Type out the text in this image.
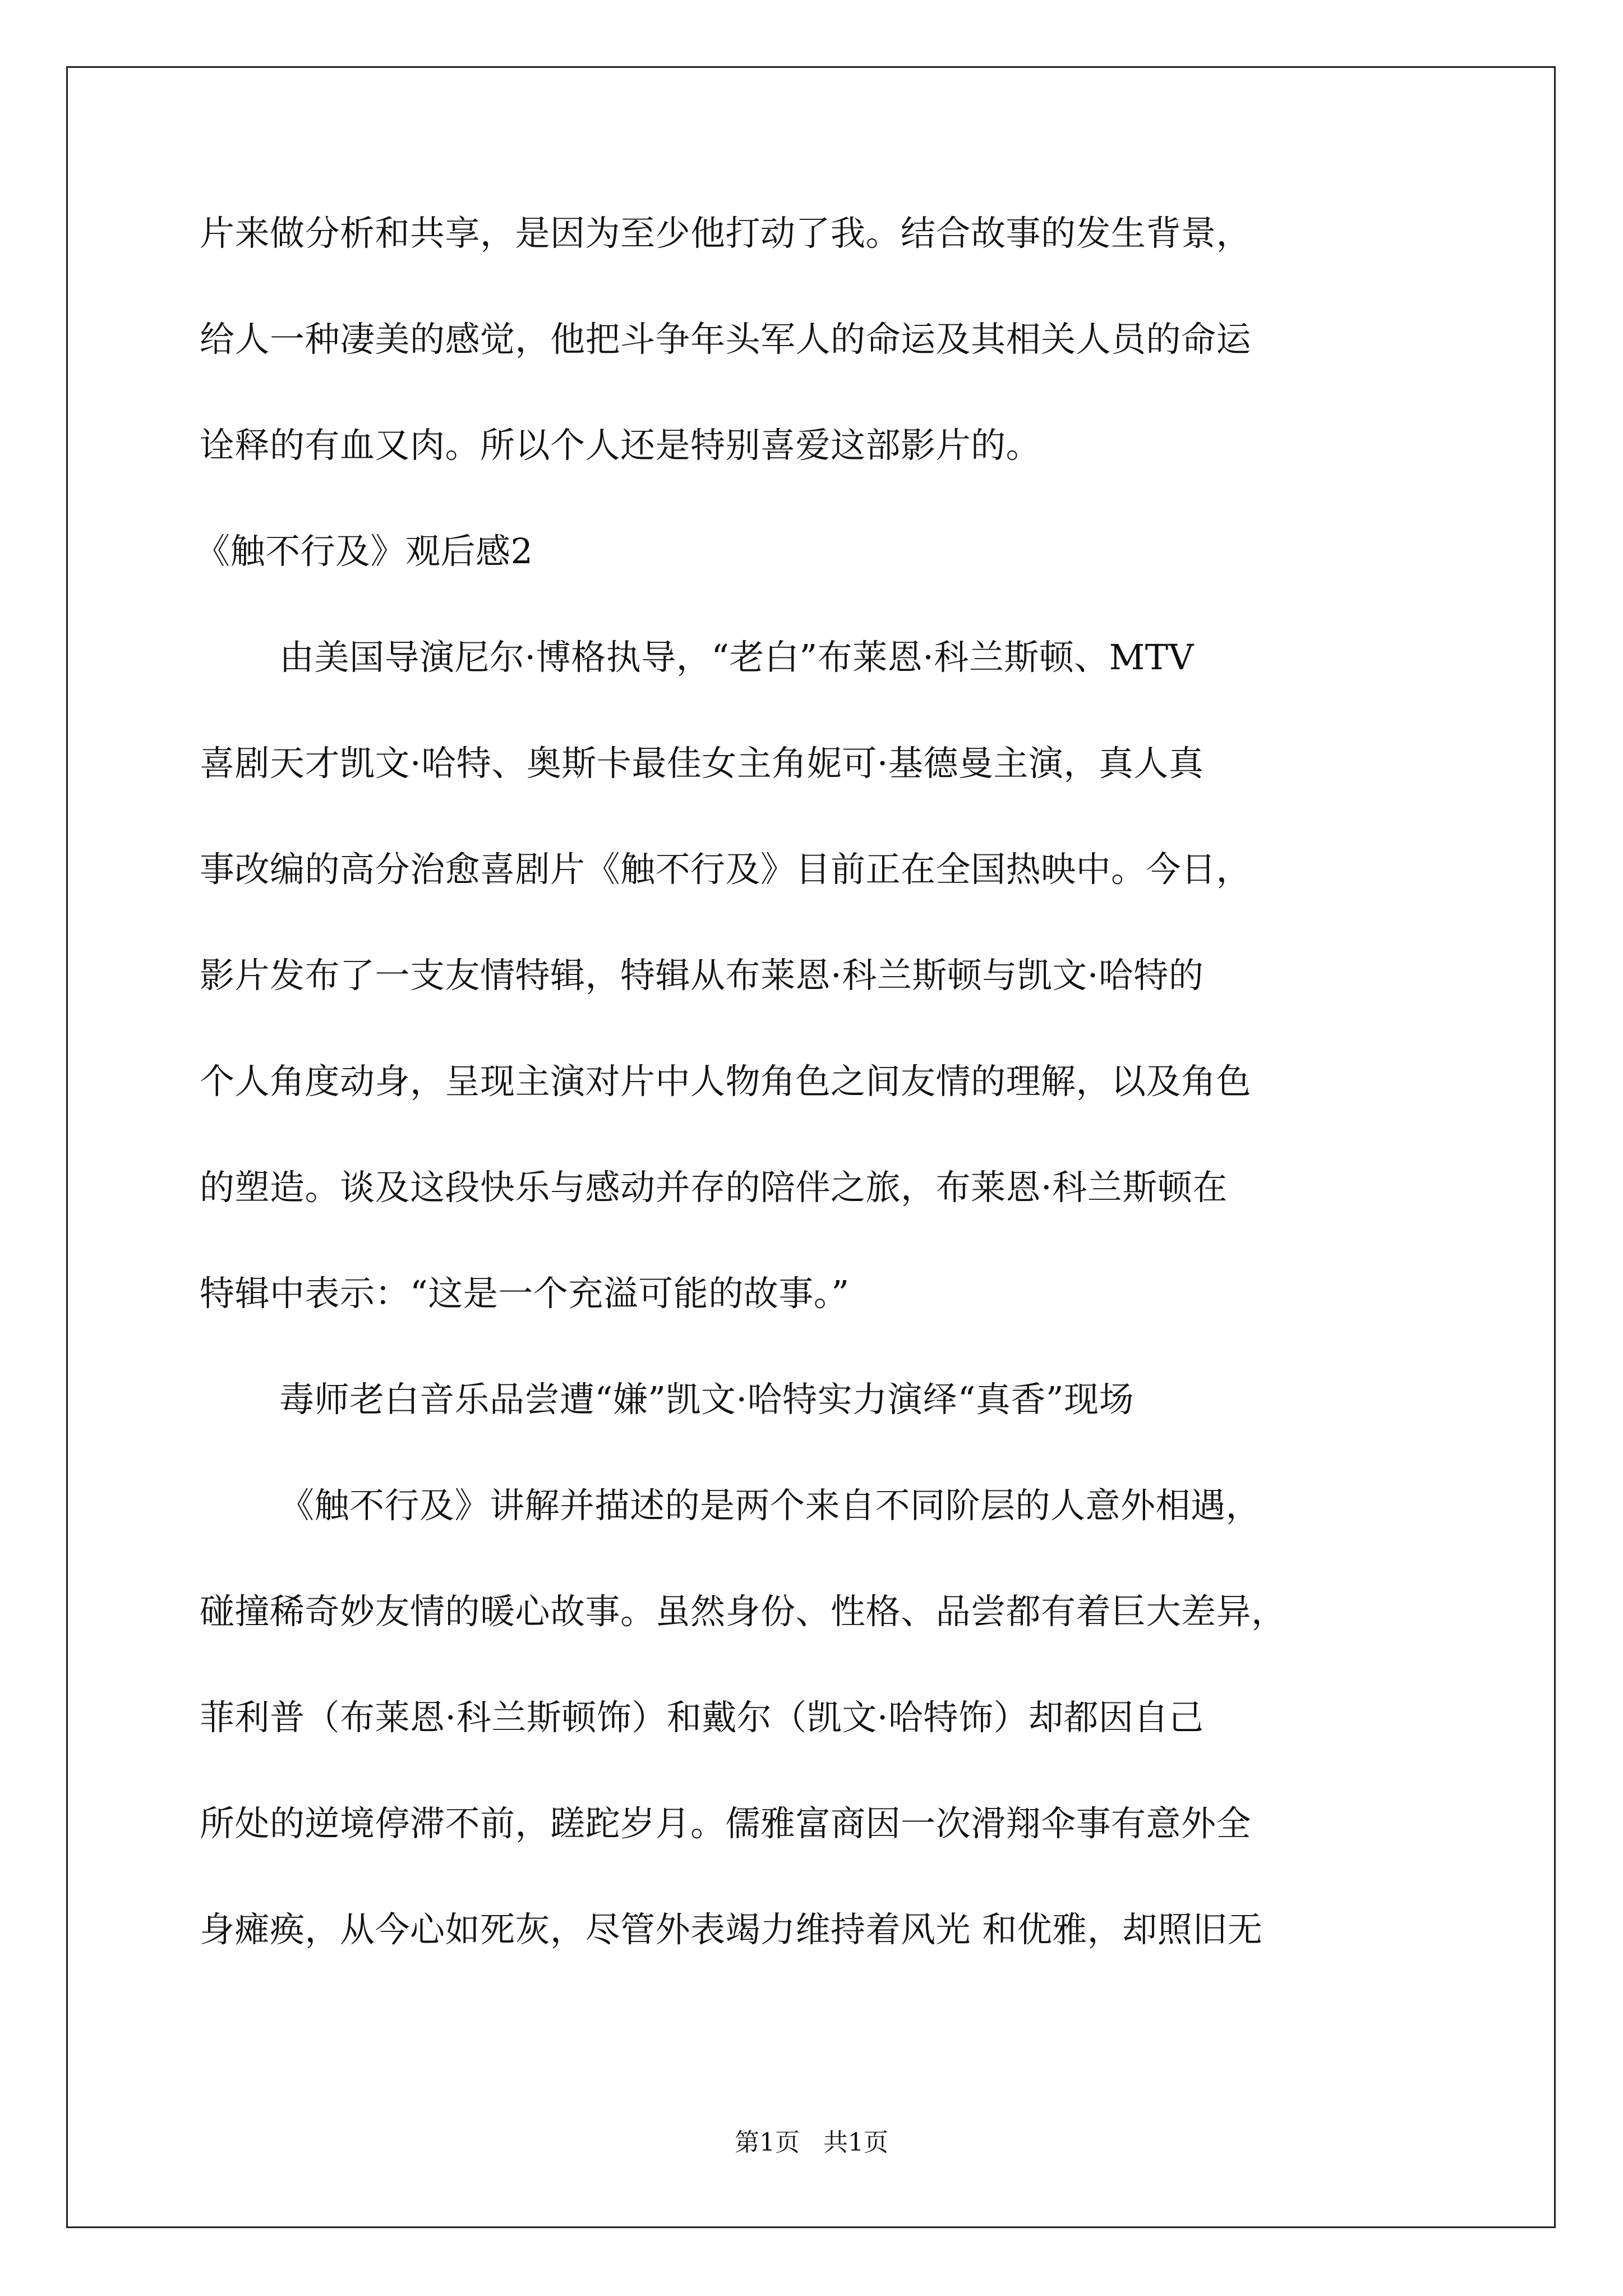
片来做分析和共享，是因为至少他打动了我。结合故事的发生背景，
给人一种凄美的感觉，他把斗争年头军人的命运及其相关人员的命运
诠释的有血又肉。所以个人还是特别喜爱这部影片的。
《触不行及》观后感2
由美国导演尼尔·博格执导，“老白”布莱恩·科兰斯顿、MTV
喜剧天才凯文·哈特、奥斯卡最佳女主角妮可·基德曼主演，真人真
事改编的高分治愈喜剧片《触不行及》目前正在全国热映中。今日，
影片发布了一支友情特辑，特辑从布莱恩·科兰斯顿与凯文·哈特的
个人角度动身，呈现主演对片中人物角色之间友情的理解，以及角色
的塑造。谈及这段快乐与感动并存的陪伴之旅，布莱恩·科兰斯顿在
特辑中表示：“这是一个充溢可能的故事。”
毒师老白音乐品尝遭“嫌”凯文·哈特实力演绎“真香”现场
《触不行及》讲解并描述的是两个来自不同阶层的人意外相遇，
碰撞稀奇妙友情的暖心故事。虽然身份、性格、品尝都有着巨大差异，
菲利普（布莱恩·科兰斯顿饰）和戴尔（凯文·哈特饰）却都因自己
所处的逆境停滞不前，蹉跎岁月。儒雅富商因一次滑翔伞事有意外全
身瘫痪，从今心如死灰，尽管外表竭力维持着风光 和优雅，却照旧无
第1页   共1页
